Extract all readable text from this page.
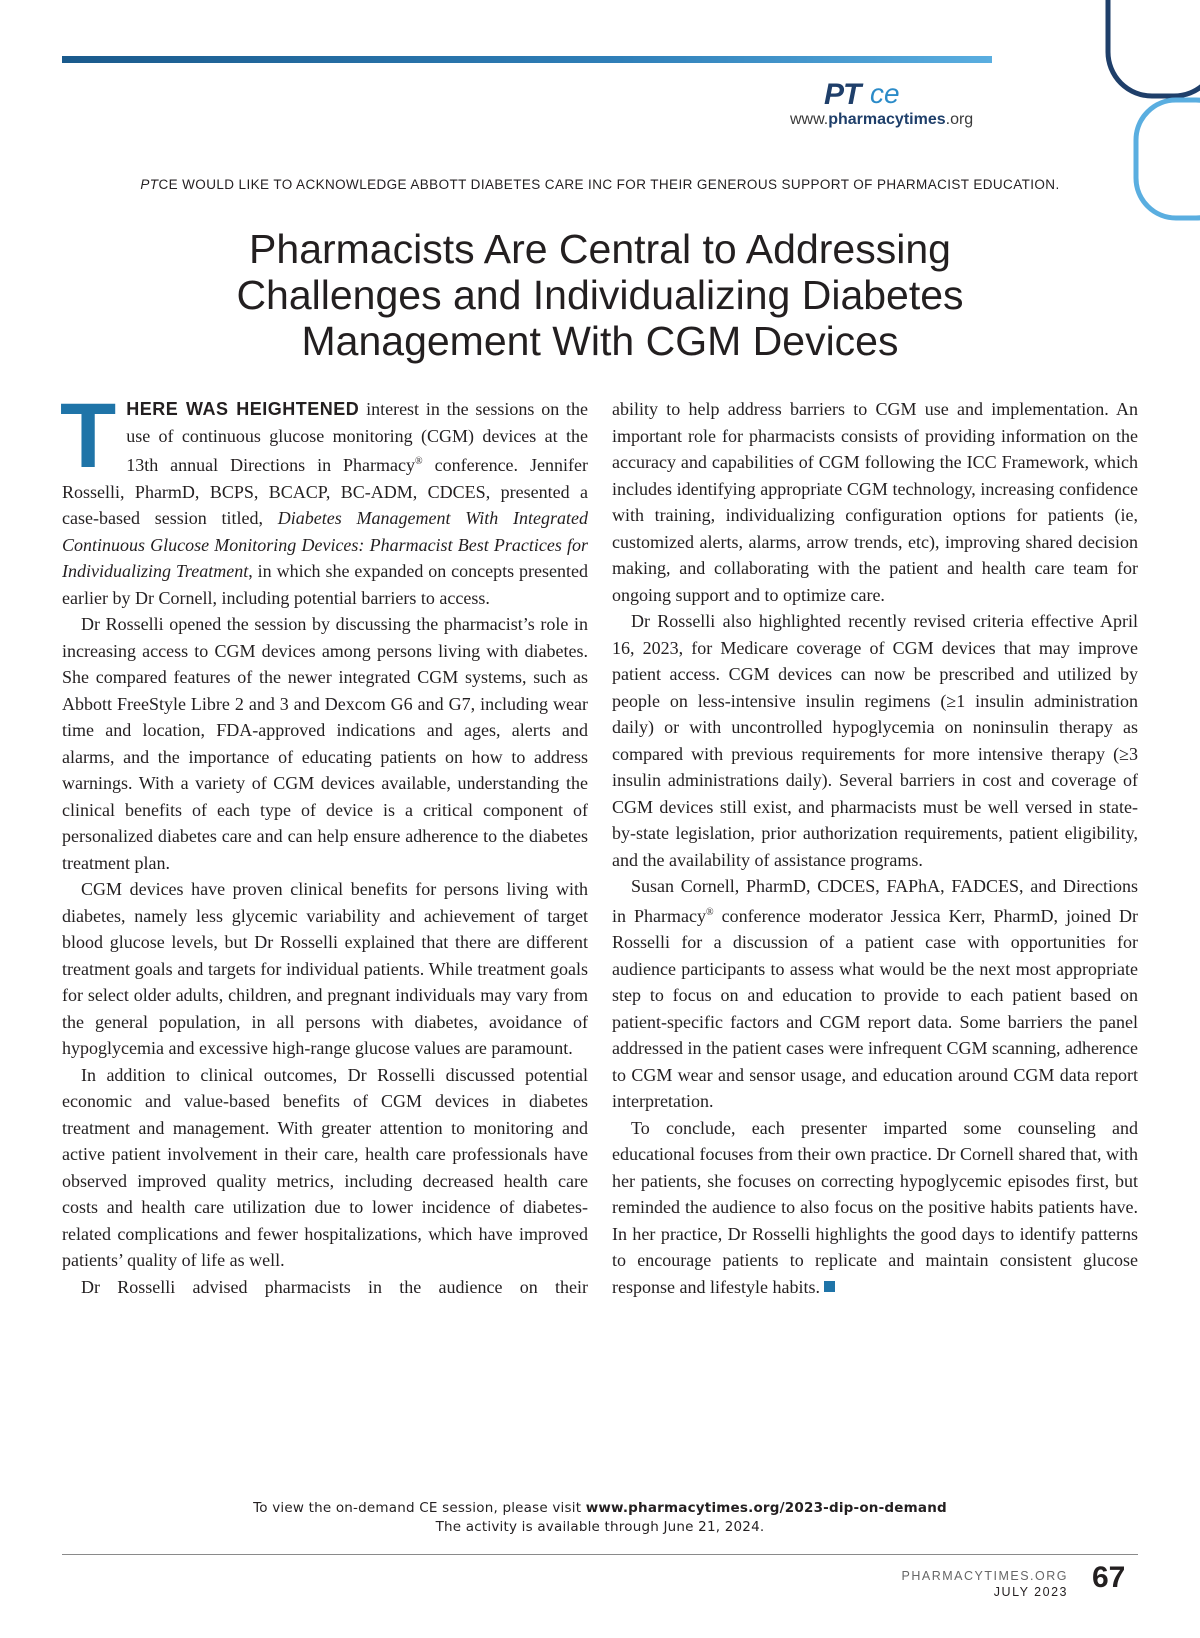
PT ce
www.pharmacytimes.org
PTCE WOULD LIKE TO ACKNOWLEDGE ABBOTT DIABETES CARE INC FOR THEIR GENEROUS SUPPORT OF PHARMACIST EDUCATION.
Pharmacists Are Central to Addressing
Challenges and Individualizing Diabetes
Management With CGM Devices

THERE WAS HEIGHTENED interest in the sessions on the use of continuous glucose monitoring (CGM) devices at the 13th annual Directions in Pharmacy® conference. Jennifer Rosselli, PharmD, BCPS, BCACP, BC-ADM, CDCES, presented a case-based session titled, Diabetes Management With Integrated Continuous Glucose Monitoring Devices: Pharmacist Best Practices for Individualizing Treatment, in which she expanded on concepts presented earlier by Dr Cornell, including potential barriers to access.

Dr Rosselli opened the session by discussing the pharmacist’s role in increasing access to CGM devices among persons living with diabetes. She compared features of the newer integrated CGM systems, such as Abbott FreeStyle Libre 2 and 3 and Dexcom G6 and G7, including wear time and location, FDA-approved indications and ages, alerts and alarms, and the importance of educating patients on how to address warnings. With a variety of CGM devices available, understanding the clinical benefits of each type of device is a critical component of personalized diabetes care and can help ensure adherence to the diabetes treatment plan.

CGM devices have proven clinical benefits for persons living with diabetes, namely less glycemic variability and achievement of target blood glucose levels, but Dr Rosselli explained that there are different treatment goals and targets for individual patients. While treatment goals for select older adults, children, and pregnant individuals may vary from the general population, in all persons with diabetes, avoidance of hypoglycemia and excessive high-range glucose values are paramount.

In addition to clinical outcomes, Dr Rosselli discussed potential economic and value-based benefits of CGM devices in diabetes treatment and management. With greater attention to monitoring and active patient involvement in their care, health care professionals have observed improved quality metrics, including decreased health care costs and health care utilization due to lower incidence of diabetes-related complications and fewer hospitalizations, which have improved patients’ quality of life as well.

Dr Rosselli advised pharmacists in the audience on their

ability to help address barriers to CGM use and implementation. An important role for pharmacists consists of providing information on the accuracy and capabilities of CGM following the ICC Framework, which includes identifying appropriate CGM technology, increasing confidence with training, individualizing configuration options for patients (ie, customized alerts, alarms, arrow trends, etc), improving shared decision making, and collaborating with the patient and health care team for ongoing support and to optimize care.

Dr Rosselli also highlighted recently revised criteria effective April 16, 2023, for Medicare coverage of CGM devices that may improve patient access. CGM devices can now be prescribed and utilized by people on less-intensive insulin regimens (≥1 insulin administration daily) or with uncontrolled hypoglycemia on noninsulin therapy as compared with previous requirements for more intensive therapy (≥3 insulin administrations daily). Several barriers in cost and coverage of CGM devices still exist, and pharmacists must be well versed in state-by-state legislation, prior authorization requirements, patient eligibility, and the availability of assistance programs.

Susan Cornell, PharmD, CDCES, FAPhA, FADCES, and Directions in Pharmacy® conference moderator Jessica Kerr, PharmD, joined Dr Rosselli for a discussion of a patient case with opportunities for audience participants to assess what would be the next most appropriate step to focus on and education to provide to each patient based on patient-specific factors and CGM report data. Some barriers the panel addressed in the patient cases were infrequent CGM scanning, adherence to CGM wear and sensor usage, and education around CGM data report interpretation.

To conclude, each presenter imparted some counseling and educational focuses from their own practice. Dr Cornell shared that, with her patients, she focuses on correcting hypoglycemic episodes first, but reminded the audience to also focus on the positive habits patients have. In her practice, Dr Rosselli highlights the good days to identify patterns to encourage patients to replicate and maintain consistent glucose response and lifestyle habits.

To view the on-demand CE session, please visit www.pharmacytimes.org/2023-dip-on-demand
The activity is available through June 21, 2024.
PHARMACYTIMES.ORG
JULY 2023 67
